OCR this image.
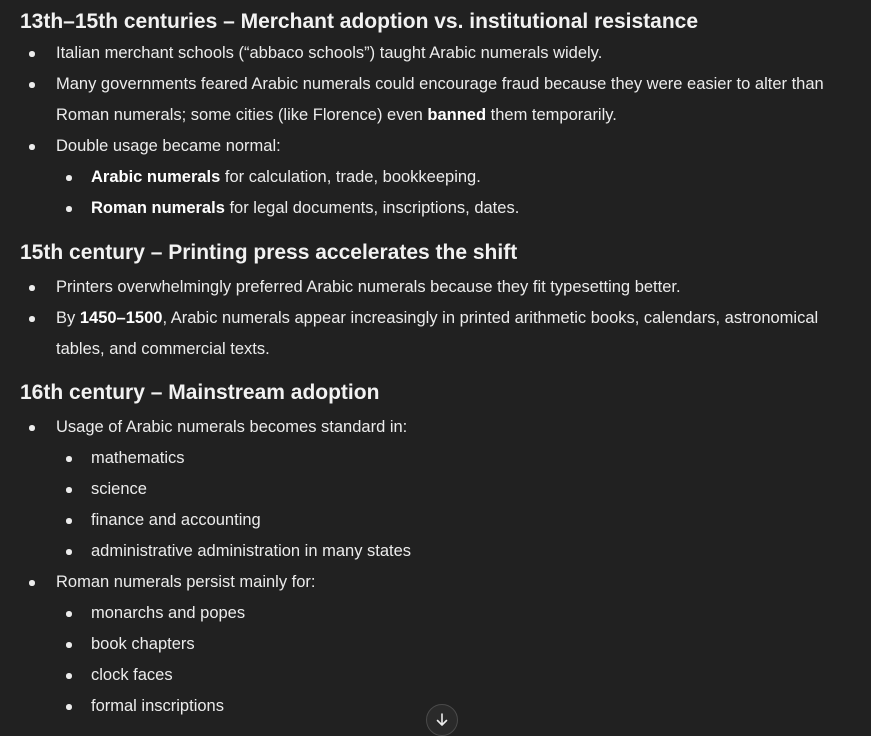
13th–15th centuries – Merchant adoption vs. institutional resistance
Italian merchant schools (“abbaco schools”) taught Arabic numerals widely.
Many governments feared Arabic numerals could encourage fraud because they were easier to alter than Roman numerals; some cities (like Florence) even banned them temporarily.
Double usage became normal:
Arabic numerals for calculation, trade, bookkeeping.
Roman numerals for legal documents, inscriptions, dates.
15th century – Printing press accelerates the shift
Printers overwhelmingly preferred Arabic numerals because they fit typesetting better.
By 1450–1500, Arabic numerals appear increasingly in printed arithmetic books, calendars, astronomical tables, and commercial texts.
16th century – Mainstream adoption
Usage of Arabic numerals becomes standard in:
mathematics
science
finance and accounting
administrative administration in many states
Roman numerals persist mainly for:
monarchs and popes
book chapters
clock faces
formal inscriptions
